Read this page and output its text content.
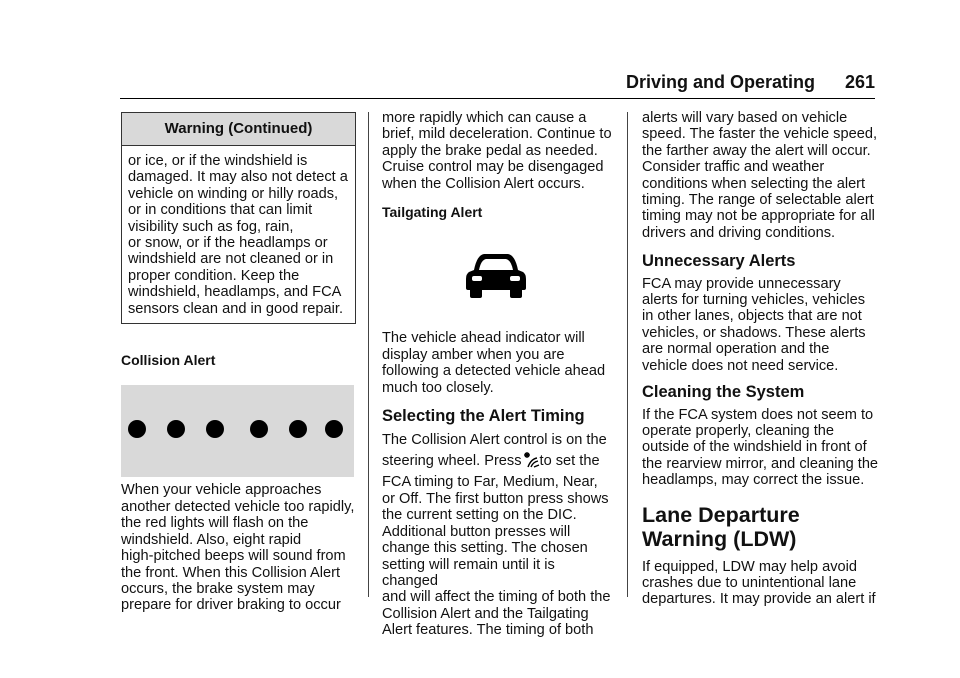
Driving and Operating 261
Warning (Continued)
or ice, or if the windshield is
damaged. It may also not detect a
vehicle on winding or hilly roads,
or in conditions that can limit
visibility such as fog, rain,
or snow, or if the headlamps or
windshield are not cleaned or in
proper condition. Keep the
windshield, headlamps, and FCA
sensors clean and in good repair.

Collision Alert

When your vehicle approaches
another detected vehicle too rapidly,
the red lights will flash on the
windshield. Also, eight rapid
high-pitched beeps will sound from
the front. When this Collision Alert
occurs, the brake system may
prepare for driver braking to occur
more rapidly which can cause a
brief, mild deceleration. Continue to
apply the brake pedal as needed.
Cruise control may be disengaged
when the Collision Alert occurs.

Tailgating Alert

The vehicle ahead indicator will
display amber when you are
following a detected vehicle ahead
much too closely.

Selecting the Alert Timing

The Collision Alert control is on the
steering wheel. Press to set the
FCA timing to Far, Medium, Near,
or Off. The first button press shows
the current setting on the DIC.
Additional button presses will
change this setting. The chosen
setting will remain until it is changed
and will affect the timing of both the
Collision Alert and the Tailgating
Alert features. The timing of both
alerts will vary based on vehicle
speed. The faster the vehicle speed,
the farther away the alert will occur.
Consider traffic and weather
conditions when selecting the alert
timing. The range of selectable alert
timing may not be appropriate for all
drivers and driving conditions.

Unnecessary Alerts

FCA may provide unnecessary
alerts for turning vehicles, vehicles
in other lanes, objects that are not
vehicles, or shadows. These alerts
are normal operation and the
vehicle does not need service.

Cleaning the System

If the FCA system does not seem to
operate properly, cleaning the
outside of the windshield in front of
the rearview mirror, and cleaning the
headlamps, may correct the issue.
Lane Departure
Warning (LDW)
If equipped, LDW may help avoid
crashes due to unintentional lane
departures. It may provide an alert if
